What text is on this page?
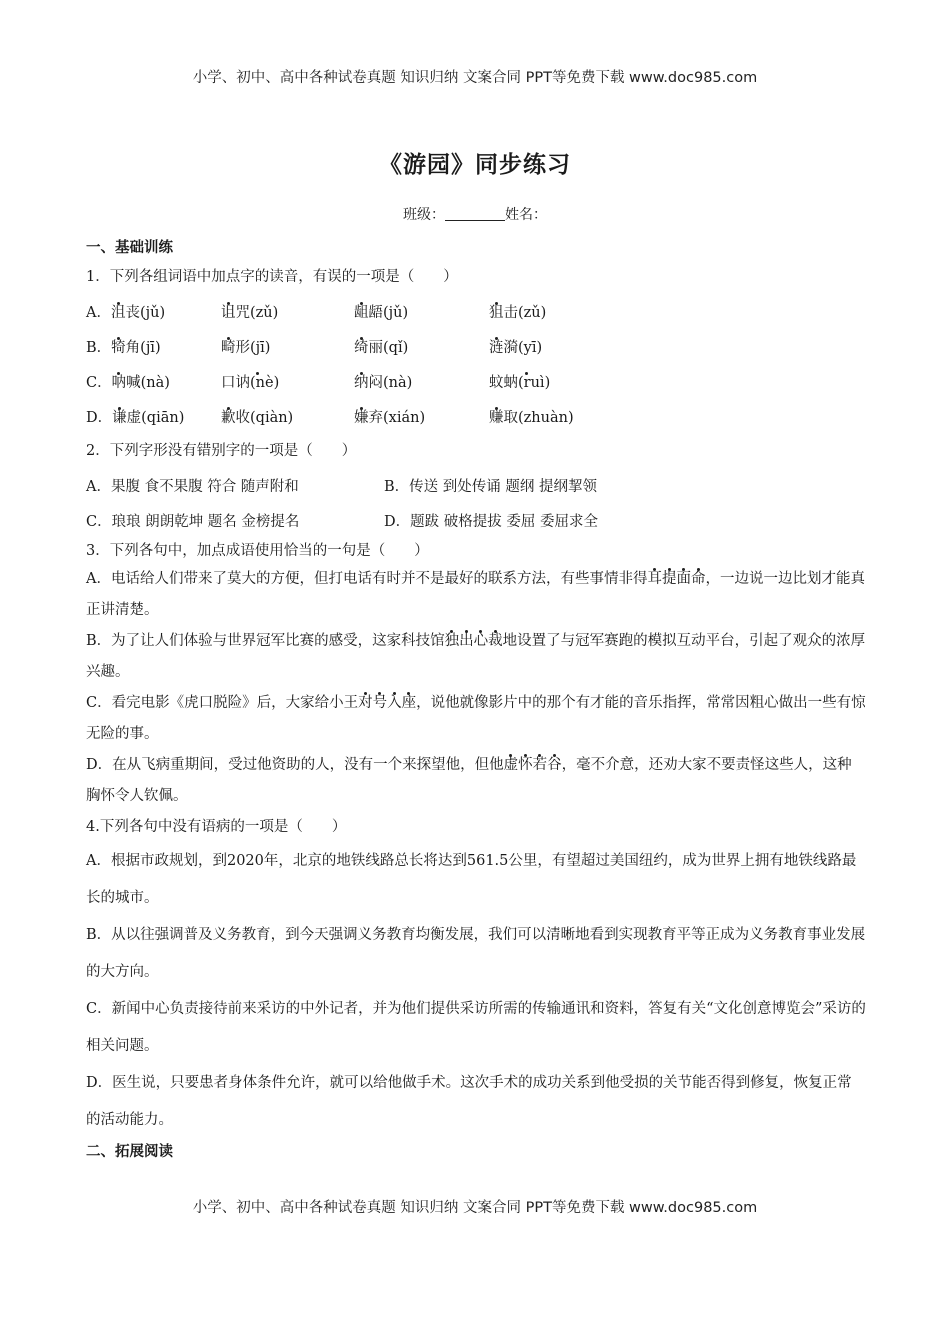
小学、初中、高中各种试卷真题 知识归纳 文案合同 PPT等免费下载 www.doc985.com
《游园》同步练习
班级：	姓名：
一、基础训练
1．下列各组词语中加点字的读音，有误的一项是（　　）
A．沮丧(jǔ)	诅咒(zǔ)	龃龉(jǔ)	狙击(zǔ)
B．犄角(jī)	畸形(jī)	绮丽(qǐ)	涟漪(yī)
C．呐喊(nà)	口讷(nè)	纳闷(nà)	蚊蚋(ruì)
D．谦虚(qiān)	歉收(qiàn)	嫌弃(xián)	赚取(zhuàn)
2．下列字形没有错别字的一项是（　　）
A．果腹 食不果腹 符合 随声附和	B．传送 到处传诵 题纲 提纲挈领
C．琅琅 朗朗乾坤 题名 金榜提名	D．题跋 破格提拔 委屈 委屈求全
3．下列各句中，加点成语使用恰当的一句是（　　）
A．电话给人们带来了莫大的方便，但打电话有时并不是最好的联系方法，有些事情非得耳提面命，一边说一边比划才能真正讲清楚。
B．为了让人们体验与世界冠军比赛的感受，这家科技馆独出心裁地设置了与冠军赛跑的模拟互动平台，引起了观众的浓厚兴趣。
C．看完电影《虎口脱险》后，大家给小王对号入座，说他就像影片中的那个有才能的音乐指挥，常常因粗心做出一些有惊无险的事。
D．在从飞病重期间，受过他资助的人，没有一个来探望他，但他虚怀若谷，毫不介意，还劝大家不要责怪这些人，这种胸怀令人钦佩。
4.下列各句中没有语病的一项是（　　）
A．根据市政规划，到2020年，北京的地铁线路总长将达到561.5公里，有望超过美国纽约，成为世界上拥有地铁线路最长的城市。
B．从以往强调普及义务教育，到今天强调义务教育均衡发展，我们可以清晰地看到实现教育平等正成为义务教育事业发展的大方向。
C．新闻中心负责接待前来采访的中外记者，并为他们提供采访所需的传输通讯和资料，答复有关“文化创意博览会”采访的相关问题。
D．医生说，只要患者身体条件允许，就可以给他做手术。这次手术的成功关系到他受损的关节能否得到修复，恢复正常的活动能力。
二、拓展阅读
小学、初中、高中各种试卷真题 知识归纳 文案合同 PPT等免费下载 www.doc985.com
